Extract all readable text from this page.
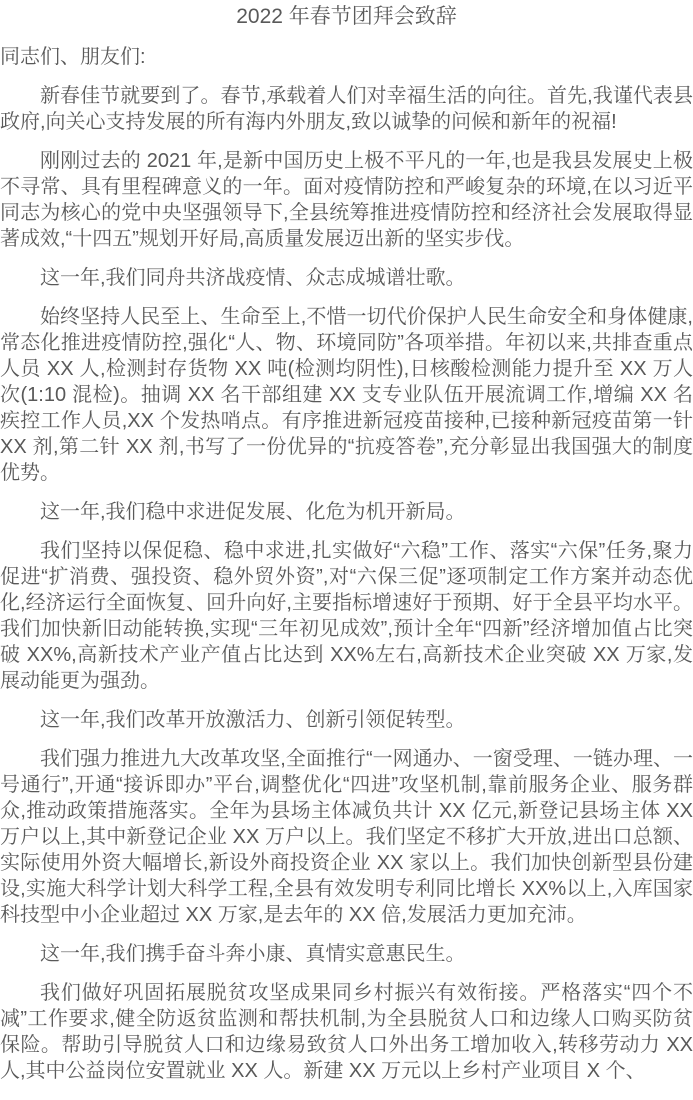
2022 年春节团拜会致辞

同志们、朋友们:

新春佳节就要到了。春节,承载着人们对幸福生活的向往。首先,我谨代表县政府,向关心支持发展的所有海内外朋友,致以诚挚的问候和新年的祝福!

刚刚过去的 2021 年,是新中国历史上极不平凡的一年,也是我县发展史上极不寻常、具有里程碑意义的一年。面对疫情防控和严峻复杂的环境,在以习近平同志为核心的党中央坚强领导下,全县统筹推进疫情防控和经济社会发展取得显著成效,“十四五”规划开好局,高质量发展迈出新的坚实步伐。

这一年,我们同舟共济战疫情、众志成城谱壮歌。

始终坚持人民至上、生命至上,不惜一切代价保护人民生命安全和身体健康,常态化推进疫情防控,强化“人、物、环境同防”各项举措。年初以来,共排查重点人员 XX 人,检测封存货物 XX 吨(检测均阴性),日核酸检测能力提升至 XX 万人次(1:10 混检)。抽调 XX 名干部组建 XX 支专业队伍开展流调工作,增编 XX 名疾控工作人员,XX 个发热哨点。有序推进新冠疫苗接种,已接种新冠疫苗第一针 XX 剂,第二针 XX 剂,书写了一份优异的“抗疫答卷”,充分彰显出我国强大的制度优势。

这一年,我们稳中求进促发展、化危为机开新局。

我们坚持以保促稳、稳中求进,扎实做好“六稳”工作、落实“六保”任务,聚力促进“扩消费、强投资、稳外贸外资”,对“六保三促”逐项制定工作方案并动态优化,经济运行全面恢复、回升向好,主要指标增速好于预期、好于全县平均水平。我们加快新旧动能转换,实现“三年初见成效”,预计全年“四新”经济增加值占比突破 XX%,高新技术产业产值占比达到 XX%左右,高新技术企业突破 XX 万家,发展动能更为强劲。

这一年,我们改革开放激活力、创新引领促转型。

我们强力推进九大改革攻坚,全面推行“一网通办、一窗受理、一链办理、一号通行”,开通“接诉即办”平台,调整优化“四进”攻坚机制,靠前服务企业、服务群众,推动政策措施落实。全年为县场主体减负共计 XX 亿元,新登记县场主体 XX 万户以上,其中新登记企业 XX 万户以上。我们坚定不移扩大开放,进出口总额、实际使用外资大幅增长,新设外商投资企业 XX 家以上。我们加快创新型县份建设,实施大科学计划大科学工程,全县有效发明专利同比增长 XX%以上,入库国家科技型中小企业超过 XX 万家,是去年的 XX 倍,发展活力更加充沛。

这一年,我们携手奋斗奔小康、真情实意惠民生。

我们做好巩固拓展脱贫攻坚成果同乡村振兴有效衔接。严格落实“四个不减”工作要求,健全防返贫监测和帮扶机制,为全县脱贫人口和边缘人口购买防贫保险。帮助引导脱贫人口和边缘易致贫人口外出务工增加收入,转移劳动力 XX 人,其中公益岗位安置就业 XX 人。新建 XX 万元以上乡村产业项目 X 个、
